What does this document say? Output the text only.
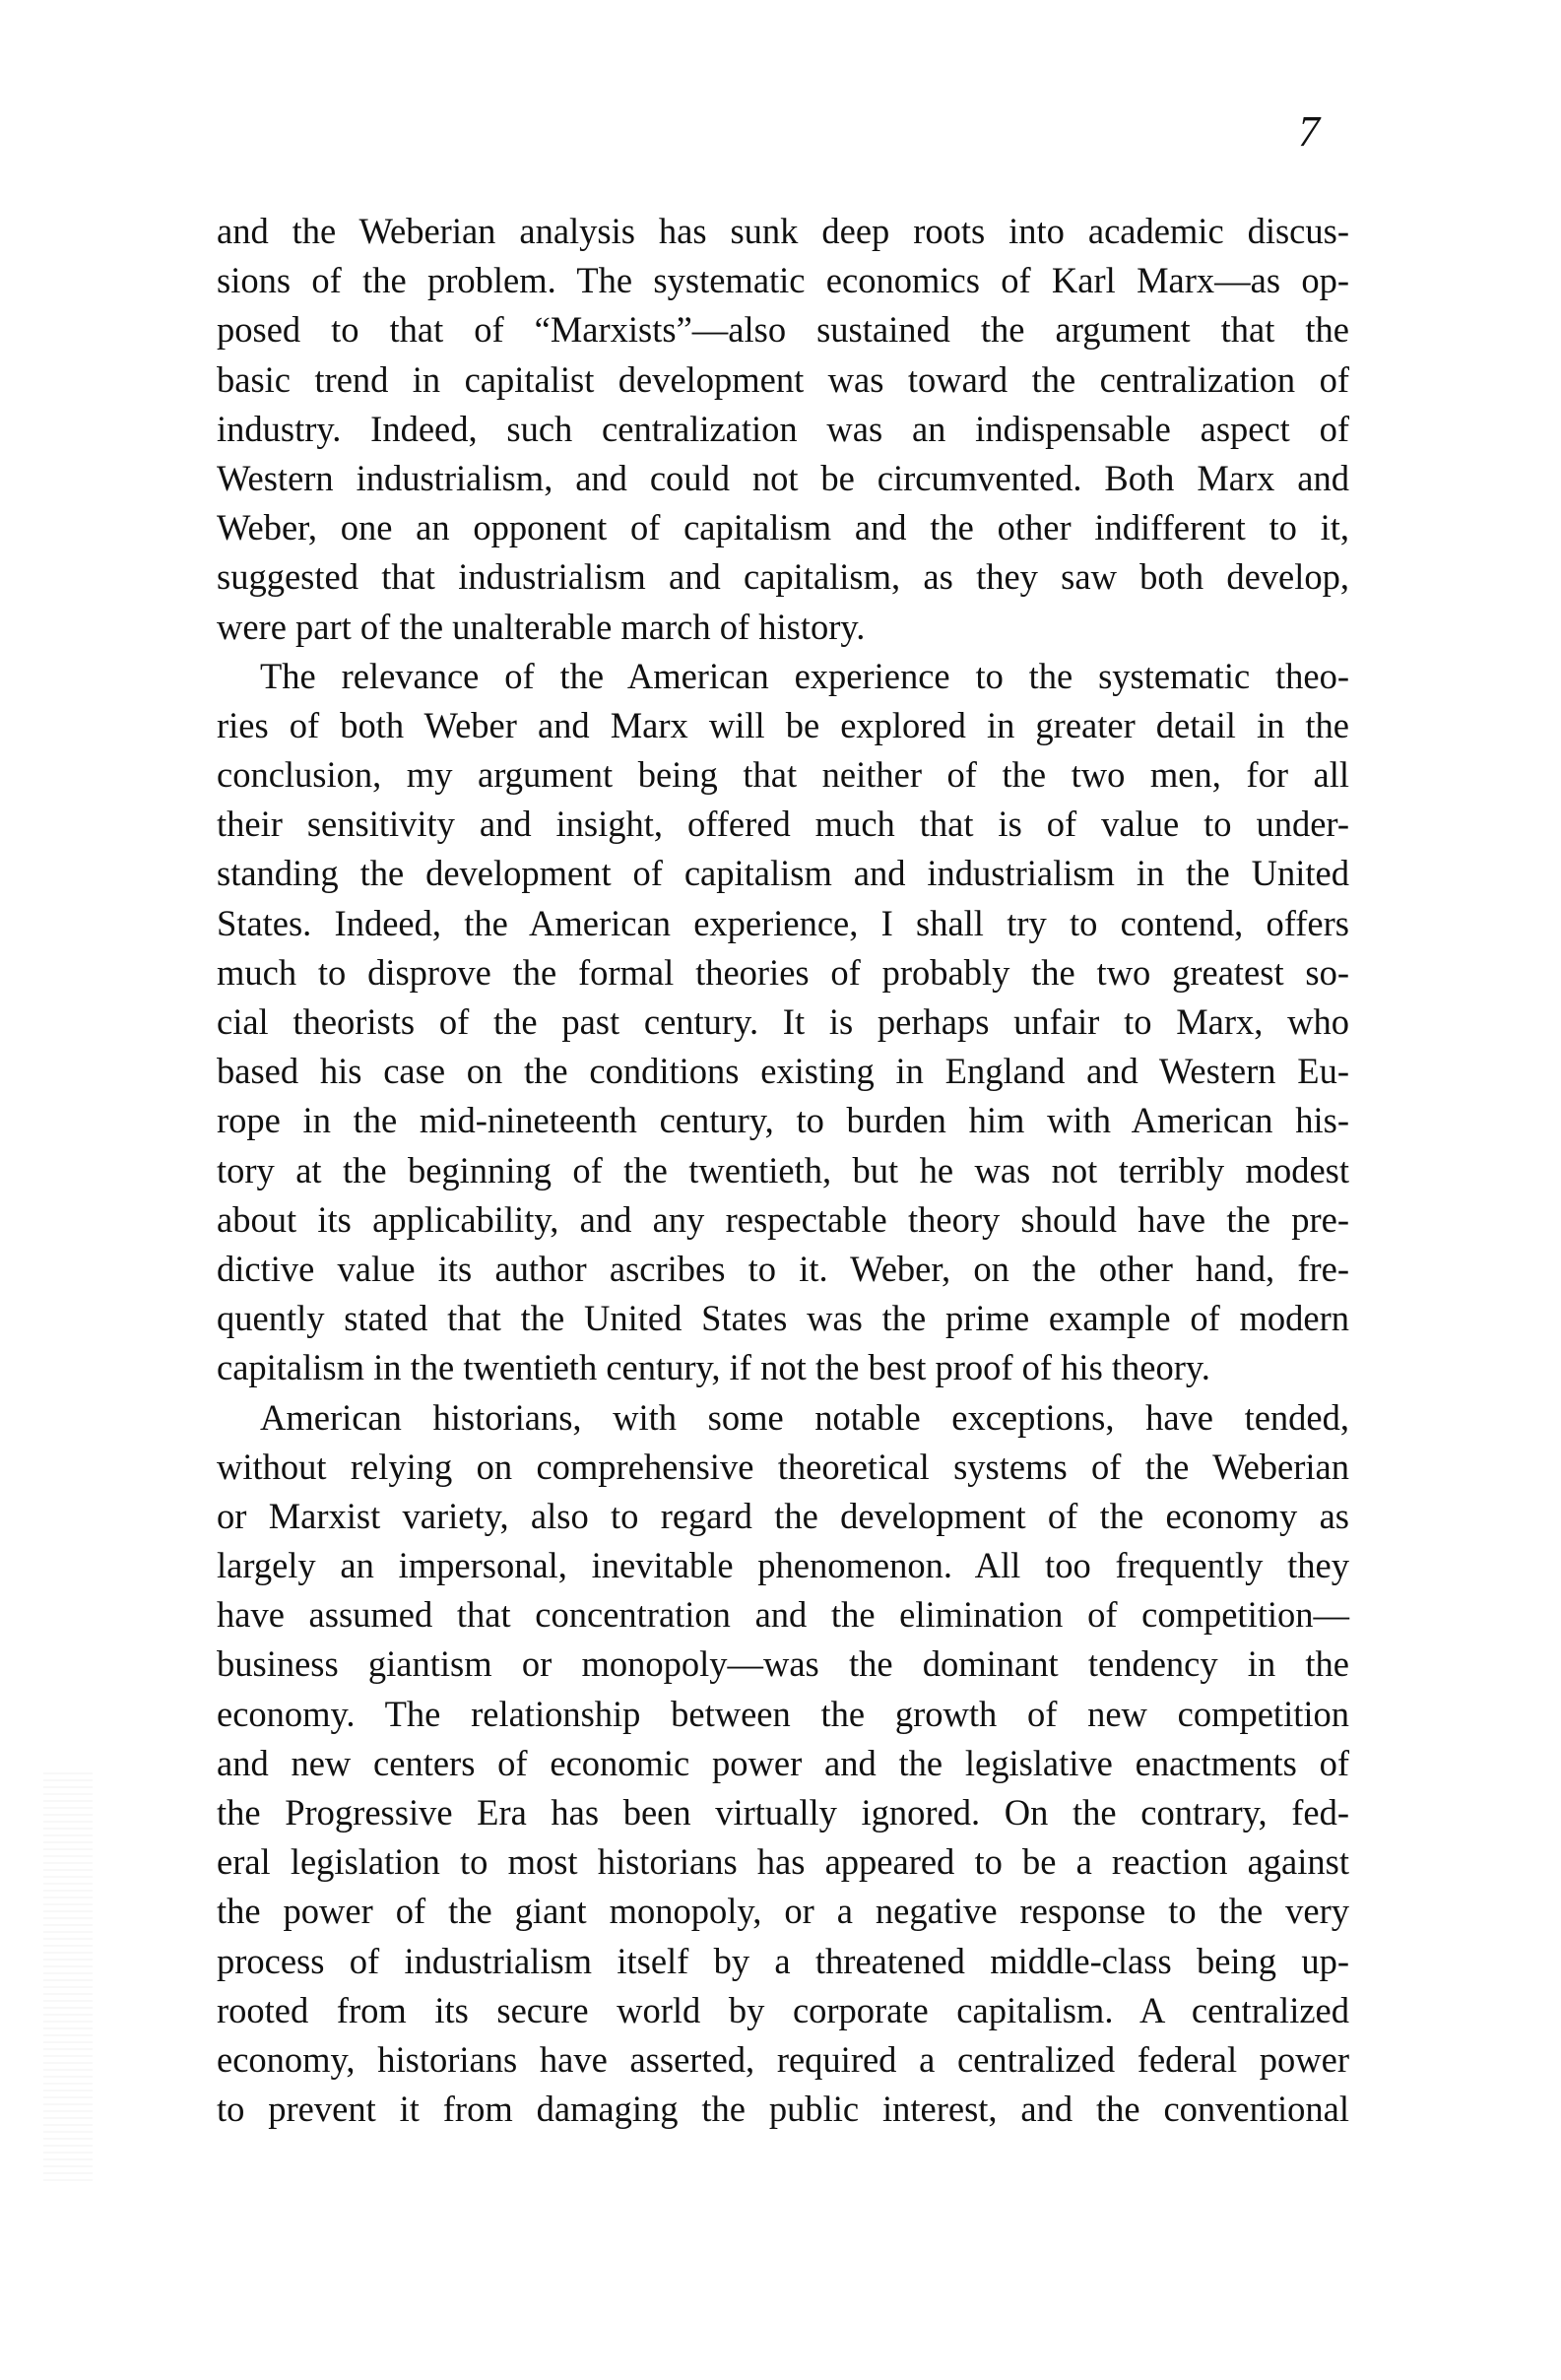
7
and the Weberian analysis has sunk deep roots into academic discus-
sions of the problem. The systematic economics of Karl Marx—as op-
posed to that of “Marxists”—also sustained the argument that the
basic trend in capitalist development was toward the centralization of
industry. Indeed, such centralization was an indispensable aspect of
Western industrialism, and could not be circumvented. Both Marx and
Weber, one an opponent of capitalism and the other indifferent to it,
suggested that industrialism and capitalism, as they saw both develop,
were part of the unalterable march of history.
The relevance of the American experience to the systematic theo-
ries of both Weber and Marx will be explored in greater detail in the
conclusion, my argument being that neither of the two men, for all
their sensitivity and insight, offered much that is of value to under-
standing the development of capitalism and industrialism in the United
States. Indeed, the American experience, I shall try to contend, offers
much to disprove the formal theories of probably the two greatest so-
cial theorists of the past century. It is perhaps unfair to Marx, who
based his case on the conditions existing in England and Western Eu-
rope in the mid-nineteenth century, to burden him with American his-
tory at the beginning of the twentieth, but he was not terribly modest
about its applicability, and any respectable theory should have the pre-
dictive value its author ascribes to it. Weber, on the other hand, fre-
quently stated that the United States was the prime example of modern
capitalism in the twentieth century, if not the best proof of his theory.
American historians, with some notable exceptions, have tended,
without relying on comprehensive theoretical systems of the Weberian
or Marxist variety, also to regard the development of the economy as
largely an impersonal, inevitable phenomenon. All too frequently they
have assumed that concentration and the elimination of competition—
business giantism or monopoly—was the dominant tendency in the
economy. The relationship between the growth of new competition
and new centers of economic power and the legislative enactments of
the Progressive Era has been virtually ignored. On the contrary, fed-
eral legislation to most historians has appeared to be a reaction against
the power of the giant monopoly, or a negative response to the very
process of industrialism itself by a threatened middle-class being up-
rooted from its secure world by corporate capitalism. A centralized
economy, historians have asserted, required a centralized federal power
to prevent it from damaging the public interest, and the conventional
